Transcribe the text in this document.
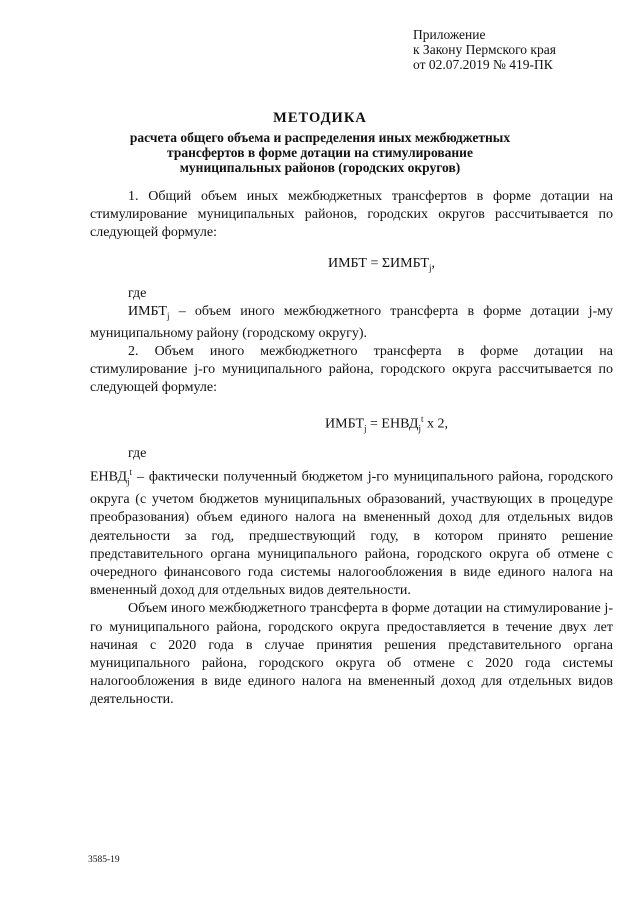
Приложение
к Закону Пермского края
от 02.07.2019 № 419-ПК
МЕТОДИКА
расчета общего объема и распределения иных межбюджетных
трансфертов в форме дотации на стимулирование
муниципальных районов (городских округов)

1. Общий объем иных межбюджетных трансфертов в форме дотации на стимулирование муниципальных районов, городских округов рассчитывается по следующей формуле:

ИМБТ = $\Sigma ИМБТ_j$,

где

$ИМБТ_j$ – объем иного межбюджетного трансферта в форме дотации j-му муниципальному району (городскому округу).

2. Объем иного межбюджетного трансферта в форме дотации на стимулирование j-го муниципального района, городского округа рассчитывается по следующей формуле:

$ИМБТ_j$ = $ЕНВД_j^t$ х 2,

где

$ЕНВД_j^t$ – фактически полученный бюджетом j-го муниципального района, городского округа (с учетом бюджетов муниципальных образований, участвующих в процедуре преобразования) объем единого налога на вмененный доход для отдельных видов деятельности за год, предшествующий году, в котором принято решение представительного органа муниципального района, городского округа об отмене с очередного финансового года системы налогообложения в виде единого налога на вмененный доход для отдельных видов деятельности.

Объем иного межбюджетного трансферта в форме дотации на стимулирование j-го муниципального района, городского округа предоставляется в течение двух лет начиная с 2020 года в случае принятия решения представительного органа муниципального района, городского округа об отмене с 2020 года системы налогообложения в виде единого налога на вмененный доход для отдельных видов деятельности.

3585-19
